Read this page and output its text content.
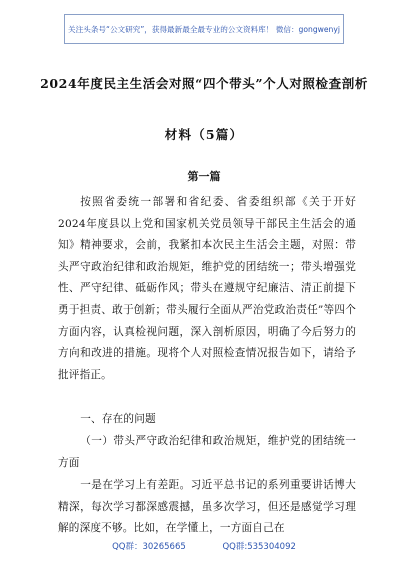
关注头条号“公文研究”，获得最新最全最专业的公文资料库！ 微信：gongwenyj
2024年度民主生活会对照“四个带头”个人对照检查剖析
材料（5篇）
第一篇
按照省委统一部署和省纪委、省委组织部《关于开好2024年度县以上党和国家机关党员领导干部民主生活会的通知》精神要求，会前，我紧扣本次民主生活会主题，对照：带头严守政治纪律和政治规矩，维护党的团结统一；带头增强党性、严守纪律、砥砺作风；带头在遵规守纪廉洁、清正前提下勇于担责、敢于创新；带头履行全面从严治党政治责任”等四个方面内容，认真检视问题，深入剖析原因，明确了今后努力的方向和改进的措施。现将个人对照检查情况报告如下，请给予批评指正。
一、存在的问题
（一）带头严守政治纪律和政治规矩，维护党的团结统一方面
一是在学习上有差距。习近平总书记的系列重要讲话博大精深，每次学习都深感震撼，虽多次学习，但还是感觉学习理解的深度不够。比如，在学懂上，一方面自己在
QQ群：30265665	QQ群:535304092
